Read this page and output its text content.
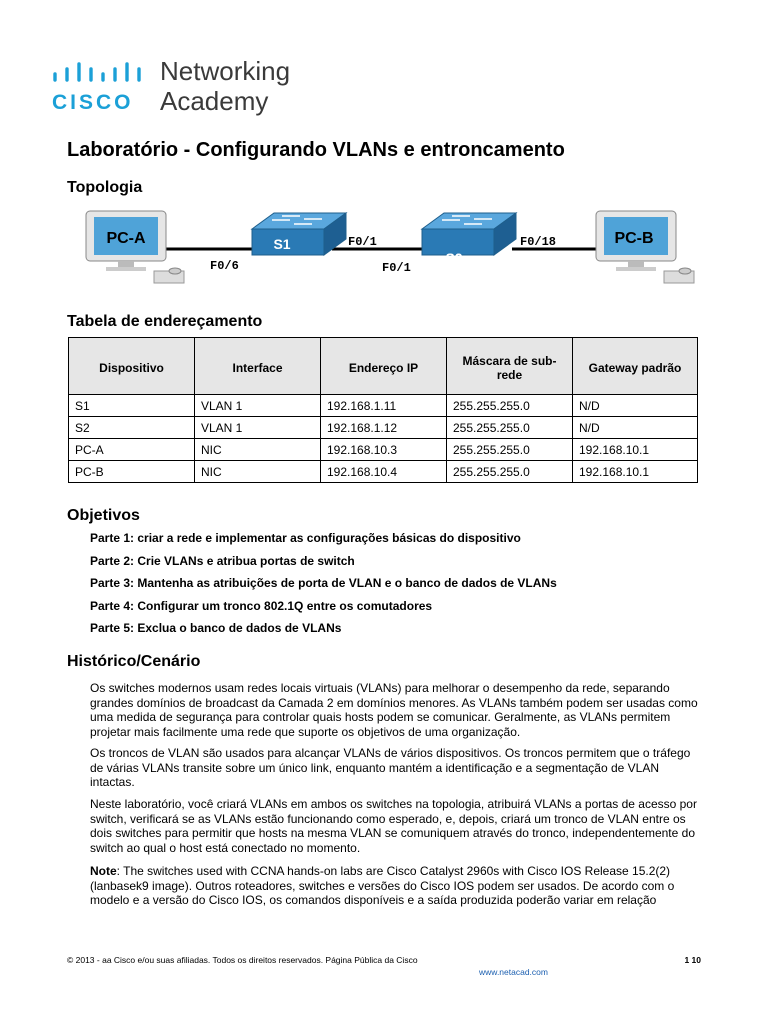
CISCO
Networking
Academy
Laboratório - Configurando VLANs e entroncamento
Topologia
PC-A	S1
S2
PC-B
F0/6
F0/1
F0/1
F0/18
Tabela de endereçamento
Dispositivo	Interface	Endereço IP	Máscara de sub-rede	Gateway padrão
S1	VLAN 1	192.168.1.11	255.255.255.0	N/D
S2	VLAN 1	192.168.1.12	255.255.255.0	N/D
PC-A	NIC	192.168.10.3	255.255.255.0	192.168.10.1
PC-B	NIC	192.168.10.4	255.255.255.0	192.168.10.1
Objetivos
Parte 1: criar a rede e implementar as configurações básicas do dispositivo
Parte 2: Crie VLANs e atribua portas de switch
Parte 3: Mantenha as atribuições de porta de VLAN e o banco de dados de VLANs
Parte 4: Configurar um tronco 802.1Q entre os comutadores
Parte 5: Exclua o banco de dados de VLANs
Histórico/Cenário

Os switches modernos usam redes locais virtuais (VLANs) para melhorar o desempenho da rede, separando grandes domínios de broadcast da Camada 2 em domínios menores. As VLANs também podem ser usadas como uma medida de segurança para controlar quais hosts podem se comunicar. Geralmente, as VLANs permitem projetar mais facilmente uma rede que suporte os objetivos de uma organização.

Os troncos de VLAN são usados para alcançar VLANs de vários dispositivos. Os troncos permitem que o tráfego de várias VLANs transite sobre um único link, enquanto mantém a identificação e a segmentação de VLAN intactas.

Neste laboratório, você criará VLANs em ambos os switches na topologia, atribuirá VLANs a portas de acesso por switch, verificará se as VLANs estão funcionando como esperado, e, depois, criará um tronco de VLAN entre os dois switches para permitir que hosts na mesma VLAN se comuniquem através do tronco, independentemente do switch ao qual o host está conectado no momento.

Note: The switches used with CCNA hands-on labs are Cisco Catalyst 2960s with Cisco IOS Release 15.2(2) (lanbasek9 image). Outros roteadores, switches e versões do Cisco IOS podem ser usados. De acordo com o modelo e a versão do Cisco IOS, os comandos disponíveis e a saída produzida poderão variar em relação

© 2013 - aa Cisco e/ou suas afiliadas. Todos os direitos reservados. Página Pública da Cisco	1 10
www.netacad.com
